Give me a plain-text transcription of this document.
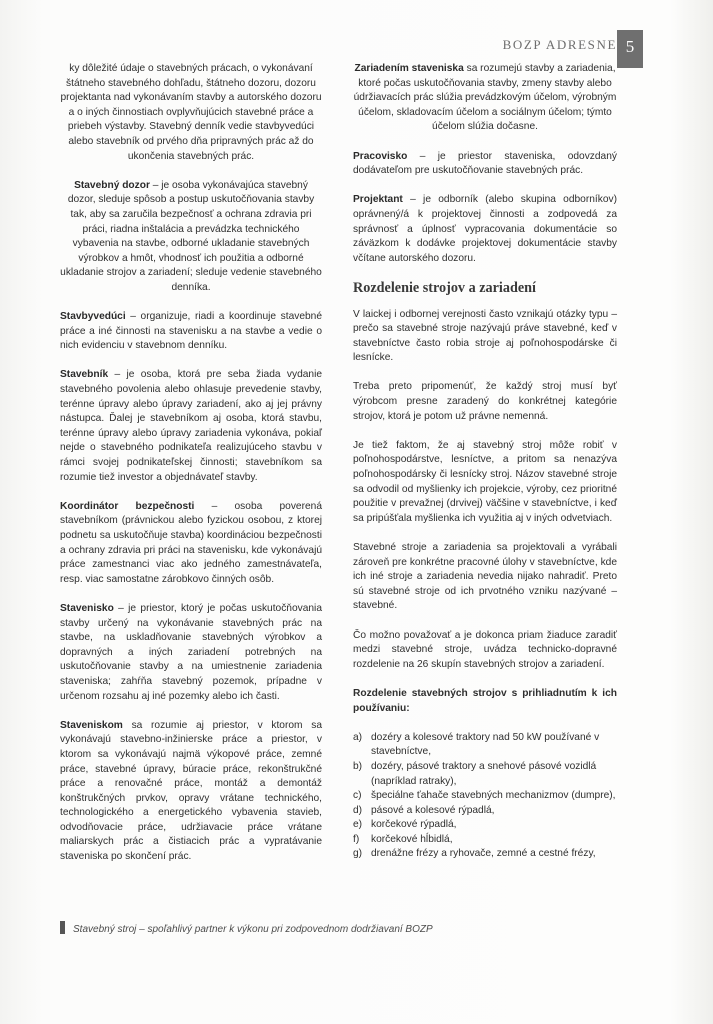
BOZP ADRESNE 5

ky dôležité údaje o stavebných prácach, o vykonávaní štátneho stavebného dohľadu, štátneho dozoru, dozoru projektanta nad vykonávaním stavby a autorského dozoru a o iných činnostiach ovplyvňujúcich stavebné práce a priebeh výstavby. Stavebný denník vedie stavbyvedúci alebo stavebník od prvého dňa pripravných prác až do ukončenia stavebných prác.

Stavebný dozor – je osoba vykonávajúca stavebný dozor, sleduje spôsob a postup uskutočňovania stavby tak, aby sa zaručila bezpečnosť a ochrana zdravia pri práci, riadna inštalácia a prevádzka technického vybavenia na stavbe, odborné ukladanie stavebných výrobkov a hmôt, vhodnosť ich použitia a odborné ukladanie strojov a zariadení; sleduje vedenie stavebného denníka.

Stavbyvedúci – organizuje, riadi a koordinuje stavebné práce a iné činnosti na stavenisku a na stavbe a vedie o nich evidenciu v stavebnom denníku.

Stavebník – je osoba, ktorá pre seba žiada vydanie stavebného povolenia alebo ohlasuje prevedenie stavby, terénne úpravy alebo úpravy zariadení, ako aj jej právny nástupca. Ďalej je stavebníkom aj osoba, ktorá stavbu, terénne úpravy alebo úpravy zariadenia vykonáva, pokiaľ nejde o stavebného podnikateľa realizujúceho stavbu v rámci svojej podnikateľskej činnosti; stavebníkom sa rozumie tiež investor a objednávateľ stavby.

Koordinátor bezpečnosti – osoba poverená stavebníkom (právnickou alebo fyzickou osobou, z ktorej podnetu sa uskutočňuje stavba) koordináciou bezpečnosti a ochrany zdravia pri práci na stavenisku, kde vykonávajú práce zamestnanci viac ako jedného zamestnávateľa, resp. viac samostatne zárobkovo činných osôb.

Stavenisko – je priestor, ktorý je počas uskutočňovania stavby určený na vykonávanie stavebných prác na stavbe, na uskladňovanie stavebných výrobkov a dopravných a iných zariadení potrebných na uskutočňovanie stavby a na umiestnenie zariadenia staveniska; zahŕňa stavebný pozemok, prípadne v určenom rozsahu aj iné pozemky alebo ich časti.

Staveniskom sa rozumie aj priestor, v ktorom sa vykonávajú stavebno-inžinierske práce a priestor, v ktorom sa vykonávajú najmä výkopové práce, zemné práce, stavebné úpravy, búracie práce, rekonštrukčné práce a renovačné práce, montáž a demontáž konštrukčných prvkov, opravy vrátane technického, technologického a energetického vybavenia stavieb, odvodňovacie práce, udržiavacie práce vrátane maliarskych prác a čistiacich prác a vypratávanie staveniska po skončení prác.

Zariadením staveniska sa rozumejú stavby a zariadenia, ktoré počas uskutočňovania stavby, zmeny stavby alebo údržiavacích prác slúžia prevádzkovým účelom, výrobným účelom, skladovacím účelom a sociálnym účelom; týmto účelom slúžia dočasne.

Pracovisko – je priestor staveniska, odovzdaný dodávateľom pre uskutočňovanie stavebných prác.

Projektant – je odborník (alebo skupina odborníkov) oprávnený/á k projektovej činnosti a zodpovedá za správnosť a úplnosť vypracovania dokumentácie so záväzkom k dodávke projektovej dokumentácie stavby včítane autorského dozoru.

Rozdelenie strojov a zariadení

V laickej i odbornej verejnosti často vznikajú otázky typu – prečo sa stavebné stroje nazývajú práve stavebné, keď v stavebníctve často robia stroje aj poľnohospodárske či lesnícke.

Treba preto pripomenúť, že každý stroj musí byť výrobcom presne zaradený do konkrétnej kategórie strojov, ktorá je potom už právne nemenná.

Je tiež faktom, že aj stavebný stroj môže robiť v poľnohospodárstve, lesníctve, a pritom sa nenazýva poľnohospodársky či lesnícky stroj. Názov stavebné stroje sa odvodil od myšlienky ich projekcie, výroby, cez prioritné použitie v prevažnej (drvivej) väčšine v stavebníctve, i keď sa pripúšťala myšlienka ich využitia aj v iných odvetviach.

Stavebné stroje a zariadenia sa projektovali a vyrábali zároveň pre konkrétne pracovné úlohy v stavebníctve, kde ich iné stroje a zariadenia nevedia nijako nahradiť. Preto sú stavebné stroje od ich prvotného vzniku nazývané – stavebné.

Čo možno považovať a je dokonca priam žiaduce zaradiť medzi stavebné stroje, uvádza technicko-dopravné rozdelenie na 26 skupín stavebných strojov a zariadení.

Rozdelenie stavebných strojov s prihliadnutím k ich používaniu:

a) dozéry a kolesové traktory nad 50 kW používané v stavebníctve,
b) dozéry, pásové traktory a snehové pásové vozidlá (napríklad ratraky),
c) špeciálne ťahače stavebných mechanizmov (dumpre),
d) pásové a kolesové rýpadlá,
e) korčekové rýpadlá,
f)	korčekové hĺbidlá,
g) drenážne frézy a ryhovače, zemné a cestné frézy,
Stavebný stroj – spoľahlivý partner k výkonu pri zodpovednom dodržiavaní BOZP
